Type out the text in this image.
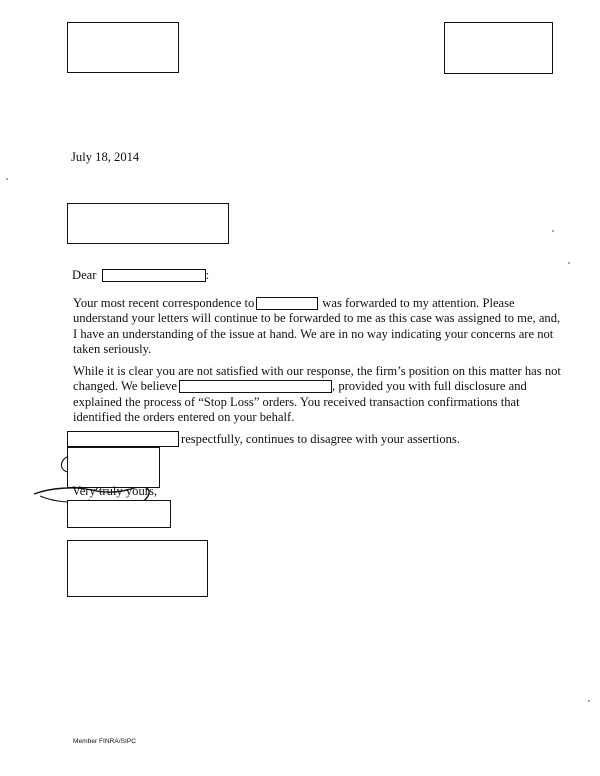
July 18, 2014
Dear	:

Your most recent correspondence to	was forwarded to my attention. Please

understand your letters will continue to be forwarded to me as this case was assigned to me, and,

I have an understanding of the issue at hand. We are in no way indicating your concerns are not

taken seriously.

While it is clear you are not satisfied with our response, the firm’s position on this matter has not

changed. We believe	, provided you with full disclosure and

explained the process of “Stop Loss” orders. You received transaction confirmations that

identified the orders entered on your behalf.

respectfully, continues to disagree with your assertions.
Very truly yours,
Member FINRA/SIPC
